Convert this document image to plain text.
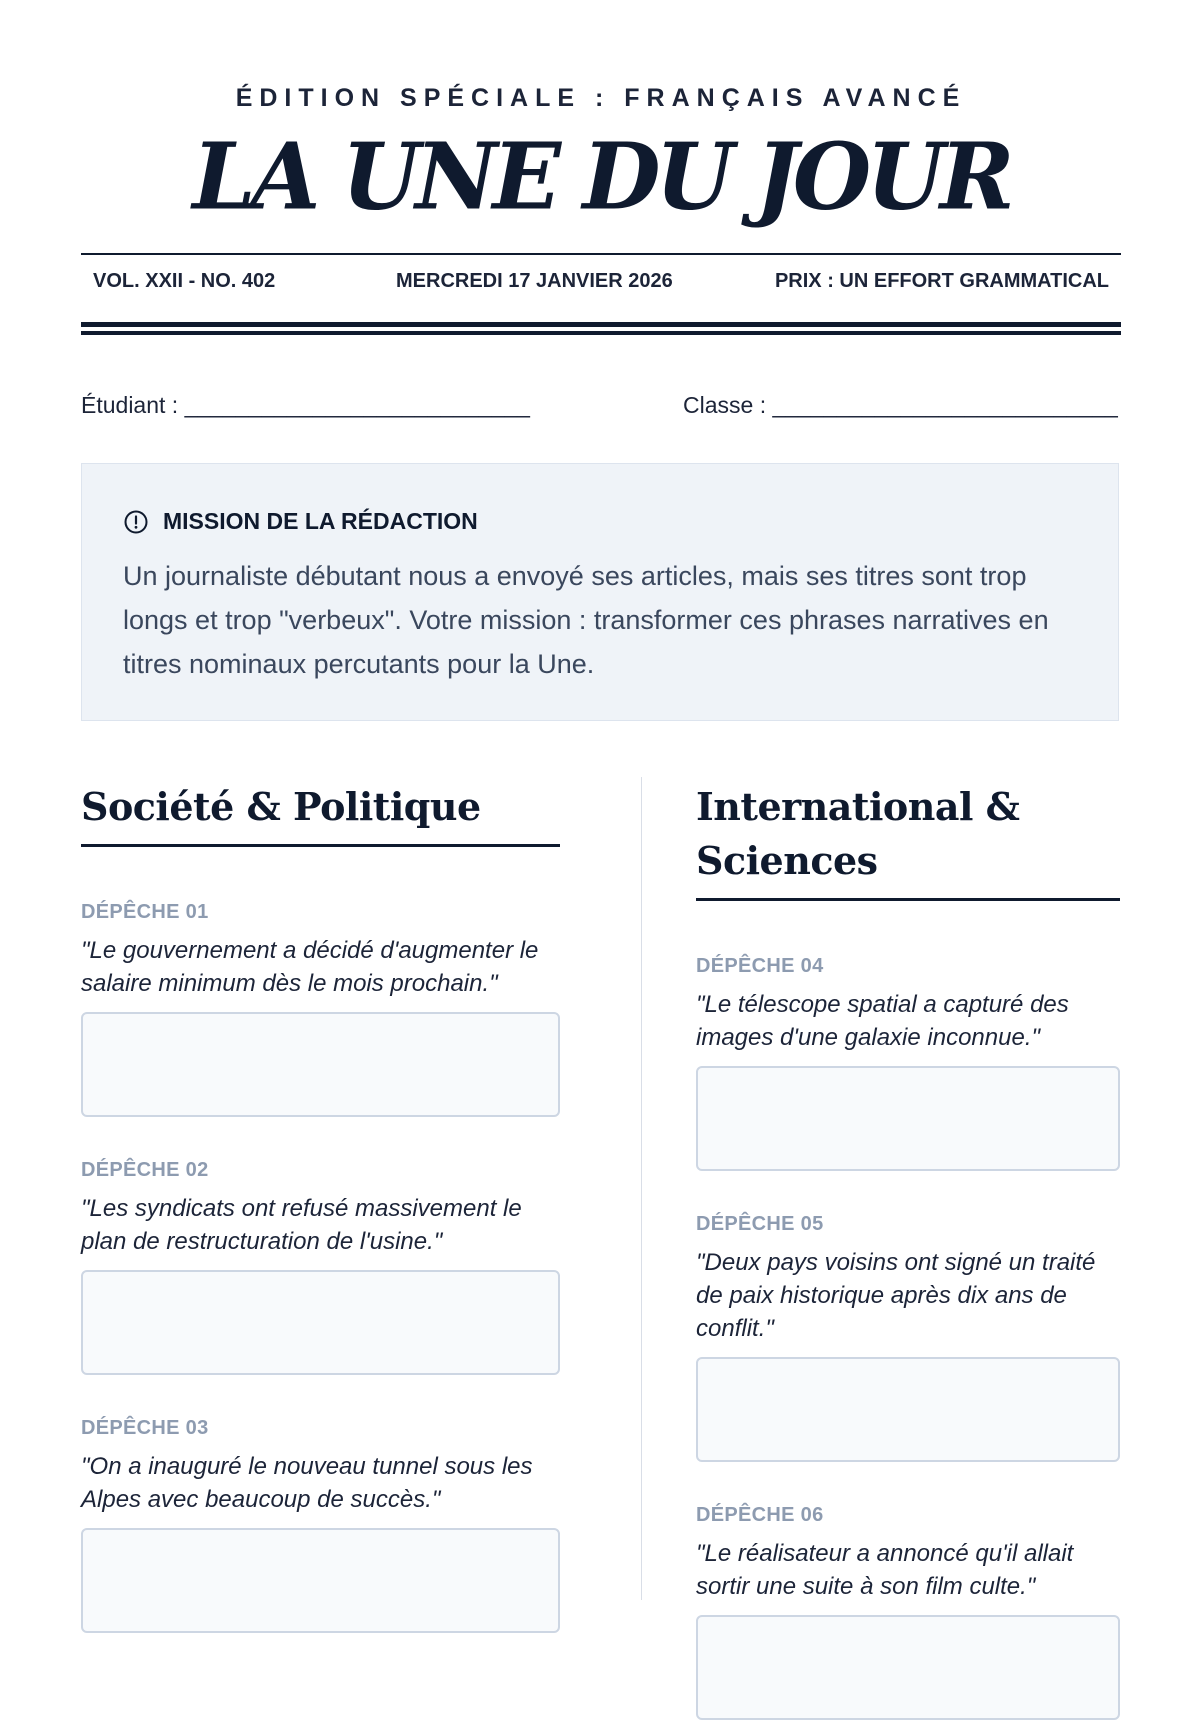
ÉDITION SPÉCIALE : FRANÇAIS AVANCÉ
LA UNE DU JOUR
VOL. XXII - NO. 402	MERCREDI 17 JANVIER 2026	PRIX : UN EFFORT GRAMMATICAL
Étudiant : ___________________________	Classe : ___________________________
MISSION DE LA RÉDACTION
Un journaliste débutant nous a envoyé ses articles, mais ses titres sont trop longs et trop "verbeux". Votre mission : transformer ces phrases narratives en titres nominaux percutants pour la Une.
Société & Politique
DÉPÊCHE 01
"Le gouvernement a décidé d'augmenter le salaire minimum dès le mois prochain."
DÉPÊCHE 02
"Les syndicats ont refusé massivement le plan de restructuration de l'usine."
DÉPÊCHE 03
"On a inauguré le nouveau tunnel sous les Alpes avec beaucoup de succès."
International & Sciences
DÉPÊCHE 04
"Le télescope spatial a capturé des images d'une galaxie inconnue."
DÉPÊCHE 05
"Deux pays voisins ont signé un traité de paix historique après dix ans de conflit."
DÉPÊCHE 06
"Le réalisateur a annoncé qu'il allait sortir une suite à son film culte."
